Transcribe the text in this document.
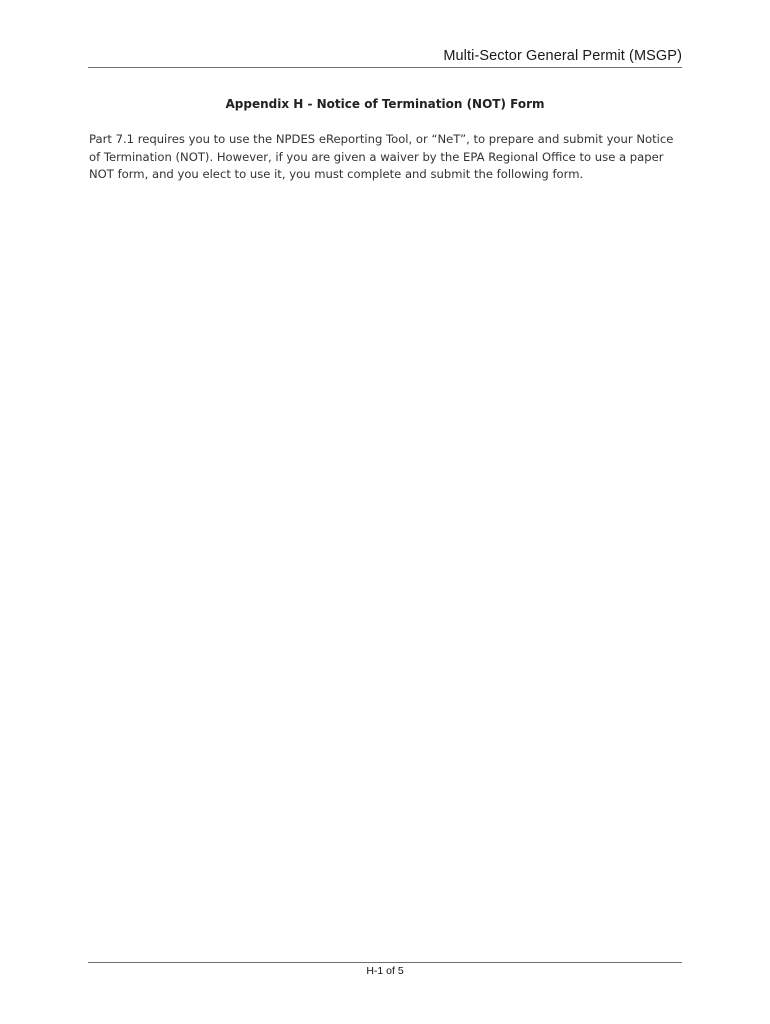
Multi-Sector General Permit (MSGP)
Appendix H - Notice of Termination (NOT) Form

Part 7.1 requires you to use the NPDES eReporting Tool, or “NeT”, to prepare and submit your Notice of Termination (NOT). However, if you are given a waiver by the EPA Regional Office to use a paper NOT form, and you elect to use it, you must complete and submit the following form.

H-1 of 5
